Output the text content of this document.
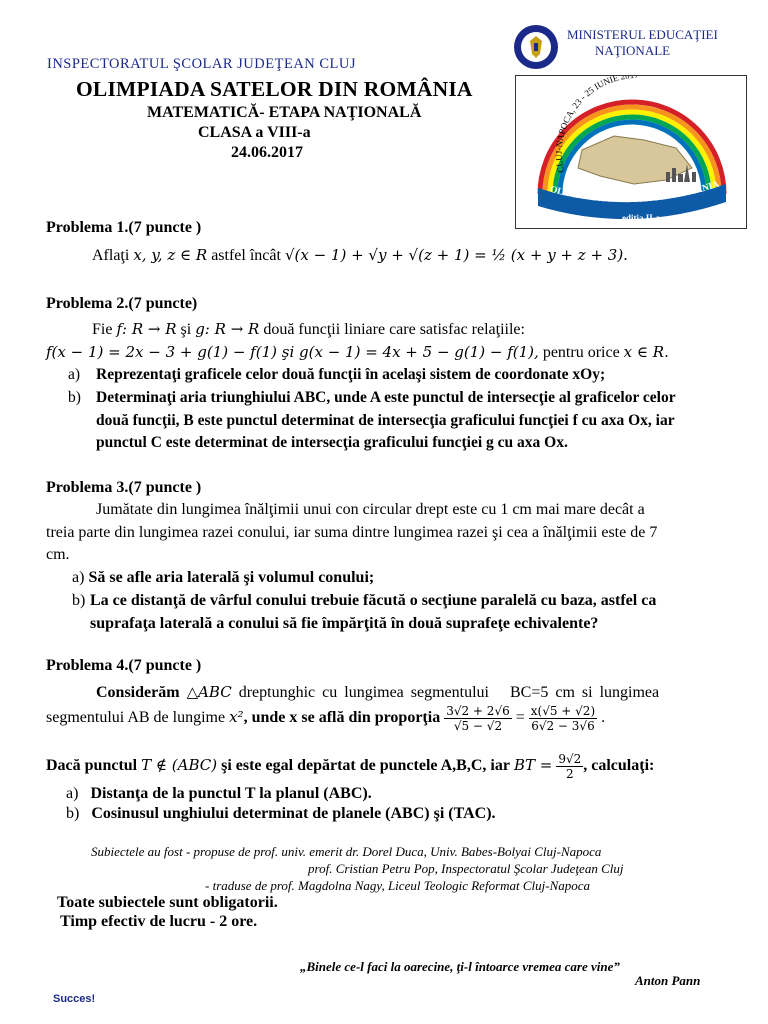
INSPECTORATUL ŞCOLAR JUDEŢEAN CLUJ
OLIMPIADA SATELOR DIN ROMÂNIA
MATEMATICĂ- ETAPA NAŢIONALĂ
CLASA a VIII-a
24.06.2017
MINISTERUL EDUCAŢIEI
NAŢIONALE
CLUJ-NAPOCA, 23 - 25 IUNIE 2
OLIMPIADA SATELOR DIN ROMÂNIA
editia II-a
Problema 1.(7 puncte )
Aflaţi x, y, z ∈ R astfel încât √(x − 1) + √y + √(z + 1) = ½ (x + y + z + 3).
Problema 2.(7 puncte)
Fie f: R → R şi g: R → R două funcţii liniare care satisfac relaţiile:
f(x − 1) = 2x − 3 + g(1) − f(1) şi g(x − 1) = 4x + 5 − g(1) − f(1), pentru orice x ∈ R.
a) Reprezentaţi graficele celor două funcţii în acelaşi sistem de coordonate xOy;
b) Determinaţi aria triunghiului ABC, unde A este punctul de intersecţie al graficelor celor
două funcţii, B este punctul determinat de intersecţia graficului funcţiei f cu axa Ox, iar
punctul C este determinat de intersecţia graficului funcţiei g cu axa Ox.
Problema 3.(7 puncte )
Jumătate din lungimea înălţimii unui con circular drept este cu 1 cm mai mare decât a
treia parte din lungimea razei conului, iar suma dintre lungimea razei şi cea a înălţimii este de 7
cm.
a) Să se afle aria laterală şi volumul conului;
b) La ce distanţă de vârful conului trebuie făcută o secţiune paralelă cu baza, astfel ca
suprafaţa laterală a conului să fie împărţită în două suprafeţe echivalente?
Problema 4.(7 puncte )
Considerăm △ABC dreptunghic cu lungimea segmentului BC=5 cm si lungimea
segmentului AB de lungime x², unde x se află din proporţia $\frac{3√2 + 2√6}{√5 - √2} = \frac{x(√5 + √2)}{6√2 - 3√6}$ .
Dacă punctul T ∉ (ABC) şi este egal depărtat de punctele A,B,C, iar BT = $\frac{9√2}{2}$ , calculaţi:
a) Distanţa de la punctul T la planul (ABC).
b) Cosinusul unghiului determinat de planele (ABC) şi (TAC).
Subiectele au fost - propuse de prof. univ. emerit dr. Dorel Duca, Univ. Babes-Bolyai Cluj-Napoca
prof. Cristian Petru Pop, Inspectoratul Şcolar Judeţean Cluj
- traduse de prof. Magdolna Nagy, Liceul Teologic Reformat Cluj-Napoca
Toate subiectele sunt obligatorii.
Timp efectiv de lucru - 2 ore.
„Binele ce-l faci la oarecine, ţi-l întoarce vremea care vine”
Anton Pann
Succes!
